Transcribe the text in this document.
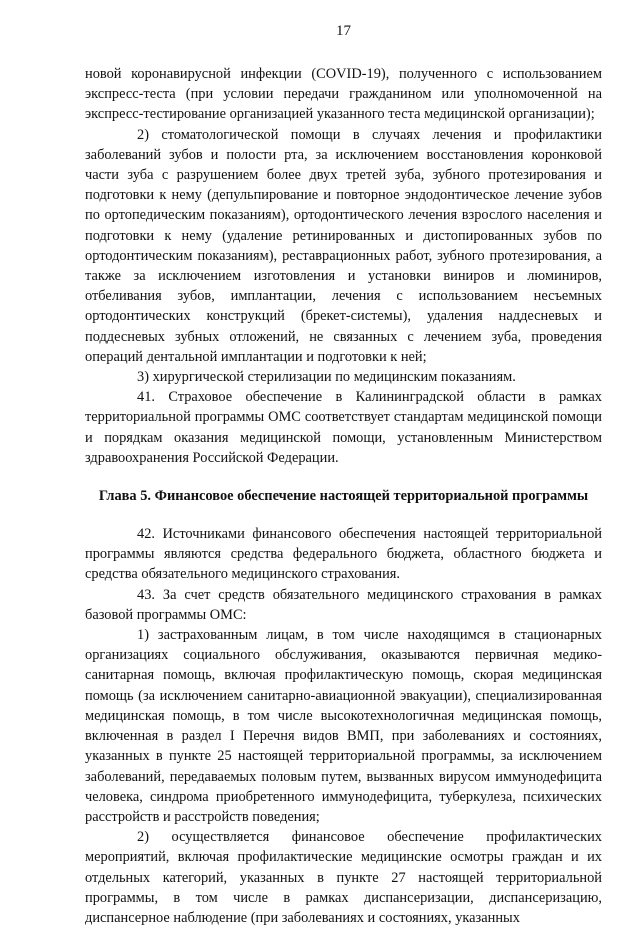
17

новой коронавирусной инфекции (COVID-19), полученного с использованием экспресс-теста (при условии передачи гражданином или уполномоченной на экспресс-тестирование организацией указанного теста медицинской организации);

2) стоматологической помощи в случаях лечения и профилактики заболеваний зубов и полости рта, за исключением восстановления коронковой части зуба с разрушением более двух третей зуба, зубного протезирования и подготовки к нему (депульпирование и повторное эндодонтическое лечение зубов по ортопедическим показаниям), ортодонтического лечения взрослого населения и подготовки к нему (удаление ретинированных и дистопированных зубов по ортодонтическим показаниям), реставрационных работ, зубного протезирования, а также за исключением изготовления и установки виниров и люминиров, отбеливания зубов, имплантации, лечения с использованием несъемных ортодонтических конструкций (брекет-системы), удаления наддесневых и поддесневых зубных отложений, не связанных с лечением зуба, проведения операций дентальной имплантации и подготовки к ней;

3) хирургической стерилизации по медицинским показаниям.

41. Страховое обеспечение в Калининградской области в рамках территориальной программы ОМС соответствует стандартам медицинской помощи и порядкам оказания медицинской помощи, установленным Министерством здравоохранения Российской Федерации.

Глава 5. Финансовое обеспечение настоящей территориальной программы

42. Источниками финансового обеспечения настоящей территориальной программы являются средства федерального бюджета, областного бюджета и средства обязательного медицинского страхования.

43. За счет средств обязательного медицинского страхования в рамках базовой программы ОМС:

1) застрахованным лицам, в том числе находящимся в стационарных организациях социального обслуживания, оказываются первичная медико-санитарная помощь, включая профилактическую помощь, скорая медицинская помощь (за исключением санитарно-авиационной эвакуации), специализированная медицинская помощь, в том числе высокотехнологичная медицинская помощь, включенная в раздел I Перечня видов ВМП, при заболеваниях и состояниях, указанных в пункте 25 настоящей территориальной программы, за исключением заболеваний, передаваемых половым путем, вызванных вирусом иммунодефицита человека, синдрома приобретенного иммунодефицита, туберкулеза, психических расстройств и расстройств поведения;

2) осуществляется финансовое обеспечение профилактических мероприятий, включая профилактические медицинские осмотры граждан и их отдельных категорий, указанных в пункте 27 настоящей территориальной программы, в том числе в рамках диспансеризации, диспансеризацию, диспансерное наблюдение (при заболеваниях и состояниях, указанных
